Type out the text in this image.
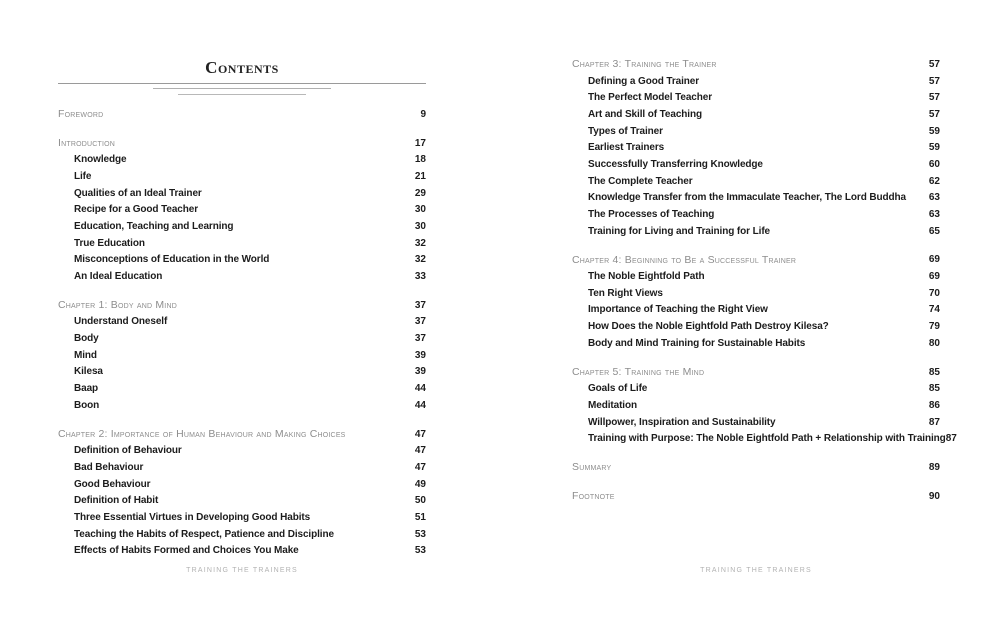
Contents
Foreword	9
Introduction	17
Knowledge	18
Life	21
Qualities of an Ideal Trainer	29
Recipe for a Good Teacher	30
Education, Teaching and Learning	30
True Education	32
Misconceptions of Education in the World	32
An Ideal Education	33
Chapter 1: Body and Mind	37
Understand Oneself	37
Body	37
Mind	39
Kilesa	39
Baap	44
Boon	44
Chapter 2: Importance of Human Behaviour and Making Choices	47
Definition of Behaviour	47
Bad Behaviour	47
Good Behaviour	49
Definition of Habit	50
Three Essential Virtues in Developing Good Habits	51
Teaching the Habits of Respect, Patience and Discipline	53
Effects of Habits Formed and Choices You Make	53
TRAINING THE TRAINERS
Chapter 3: Training the Trainer	57
Defining a Good Trainer	57
The Perfect Model Teacher	57
Art and Skill of Teaching	57
Types of Trainer	59
Earliest Trainers	59
Successfully Transferring Knowledge	60
The Complete Teacher	62
Knowledge Transfer from the Immaculate Teacher, The Lord Buddha 63
The Processes of Teaching	63
Training for Living and Training for Life	65
Chapter 4: Beginning to Be a Successful Trainer	69
The Noble Eightfold Path	69
Ten Right Views	70
Importance of Teaching the Right View	74
How Does the Noble Eightfold Path Destroy Kilesa?	79
Body and Mind Training for Sustainable Habits	80
Chapter 5: Training the Mind	85
Goals of Life	85
Meditation	86
Willpower, Inspiration and Sustainability	87
Training with Purpose: The Noble Eightfold Path + Relationship with Training 87
Summary	89
Footnote	90
TRAINING THE TRAINERS
